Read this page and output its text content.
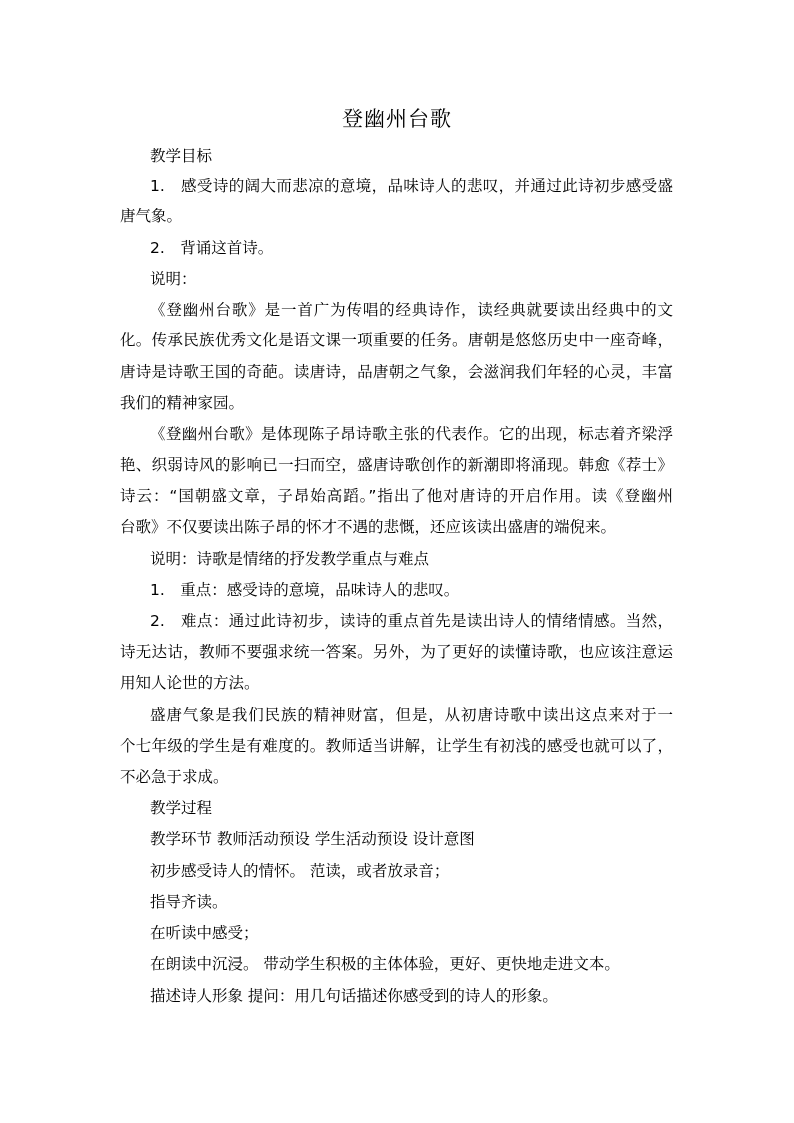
登幽州台歌
教学目标
1.　感受诗的阔大而悲凉的意境，品味诗人的悲叹，并通过此诗初步感受盛
唐气象。
2.　背诵这首诗。
说明：
《登幽州台歌》是一首广为传唱的经典诗作，读经典就要读出经典中的文
化。传承民族优秀文化是语文课一项重要的任务。唐朝是悠悠历史中一座奇峰，
唐诗是诗歌王国的奇葩。读唐诗，品唐朝之气象，会滋润我们年轻的心灵，丰富
我们的精神家园。
《登幽州台歌》是体现陈子昂诗歌主张的代表作。它的出现，标志着齐梁浮
艳、织弱诗风的影响已一扫而空，盛唐诗歌创作的新潮即将涌现。韩愈《荐士》
诗云：“国朝盛文章，子昂始高蹈。”指出了他对唐诗的开启作用。读《登幽州
台歌》不仅要读出陈子昂的怀才不遇的悲慨，还应该读出盛唐的端倪来。
说明：诗歌是情绪的抒发教学重点与难点
1.　重点：感受诗的意境，品味诗人的悲叹。
2.　难点：通过此诗初步，读诗的重点首先是读出诗人的情绪情感。当然，
诗无达诂，教师不要强求统一答案。另外，为了更好的读懂诗歌，也应该注意运
用知人论世的方法。
盛唐气象是我们民族的精神财富，但是，从初唐诗歌中读出这点来对于一
个七年级的学生是有难度的。教师适当讲解，让学生有初浅的感受也就可以了，
不必急于求成。
教学过程
教学环节 教师活动预设 学生活动预设 设计意图
初步感受诗人的情怀。 范读，或者放录音；
指导齐读。
在听读中感受；
在朗读中沉浸。 带动学生积极的主体体验，更好、更快地走进文本。
描述诗人形象 提问：用几句话描述你感受到的诗人的形象。
